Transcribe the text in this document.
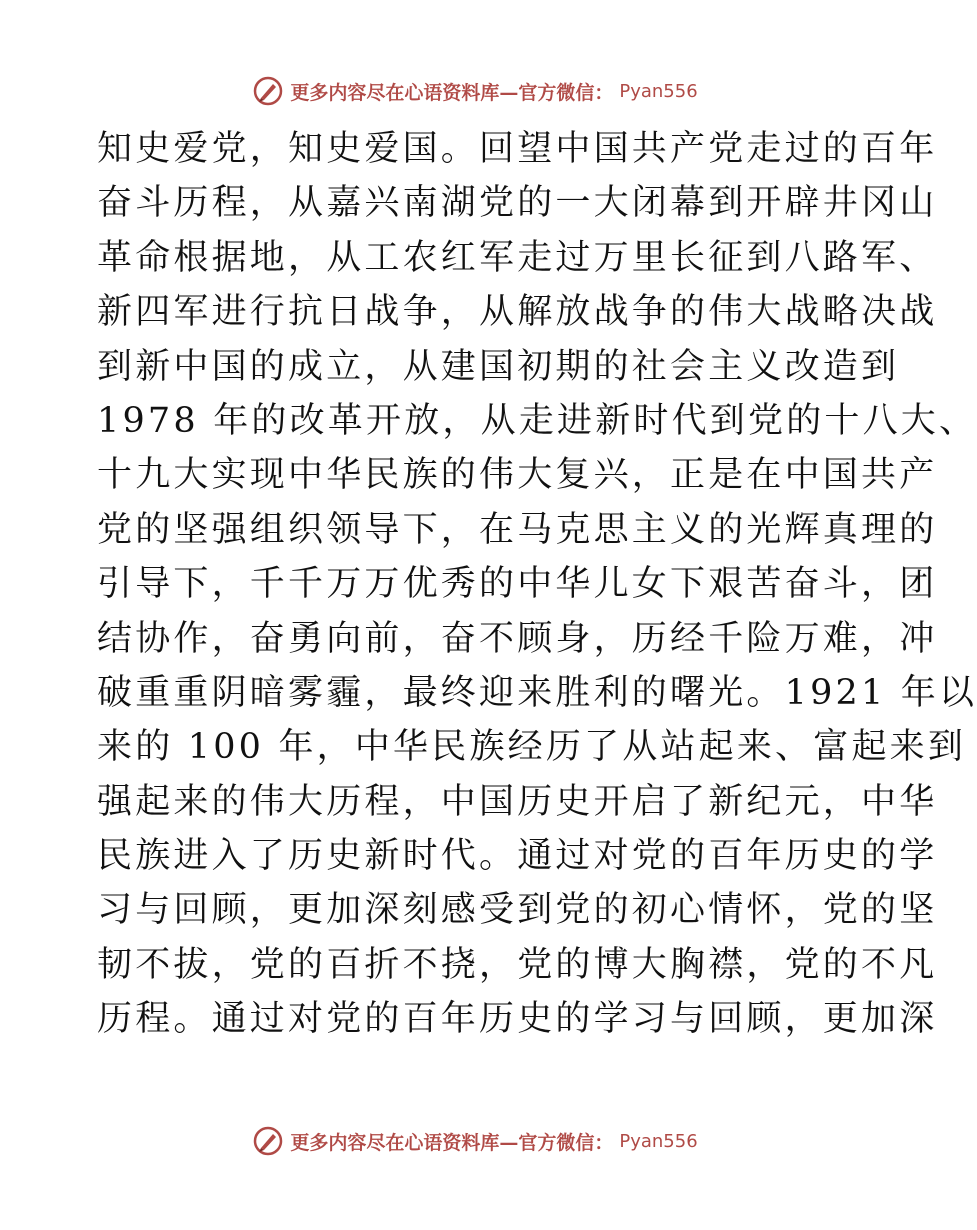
更多内容尽在心语资料库—官方微信： Pyan556
知史爱党，知史爱国。回望中国共产党走过的百年
奋斗历程，从嘉兴南湖党的一大闭幕到开辟井冈山
革命根据地，从工农红军走过万里长征到八路军、
新四军进行抗日战争，从解放战争的伟大战略决战
到新中国的成立，从建国初期的社会主义改造到
1978 年的改革开放，从走进新时代到党的十八大、
十九大实现中华民族的伟大复兴，正是在中国共产
党的坚强组织领导下，在马克思主义的光辉真理的
引导下，千千万万优秀的中华儿女下艰苦奋斗，团
结协作，奋勇向前，奋不顾身，历经千险万难，冲
破重重阴暗雾霾，最终迎来胜利的曙光。1921 年以
来的 100 年，中华民族经历了从站起来、富起来到
强起来的伟大历程，中国历史开启了新纪元，中华
民族进入了历史新时代。通过对党的百年历史的学
习与回顾，更加深刻感受到党的初心情怀，党的坚
韧不拔，党的百折不挠，党的博大胸襟，党的不凡
历程。通过对党的百年历史的学习与回顾，更加深
更多内容尽在心语资料库—官方微信： Pyan556
